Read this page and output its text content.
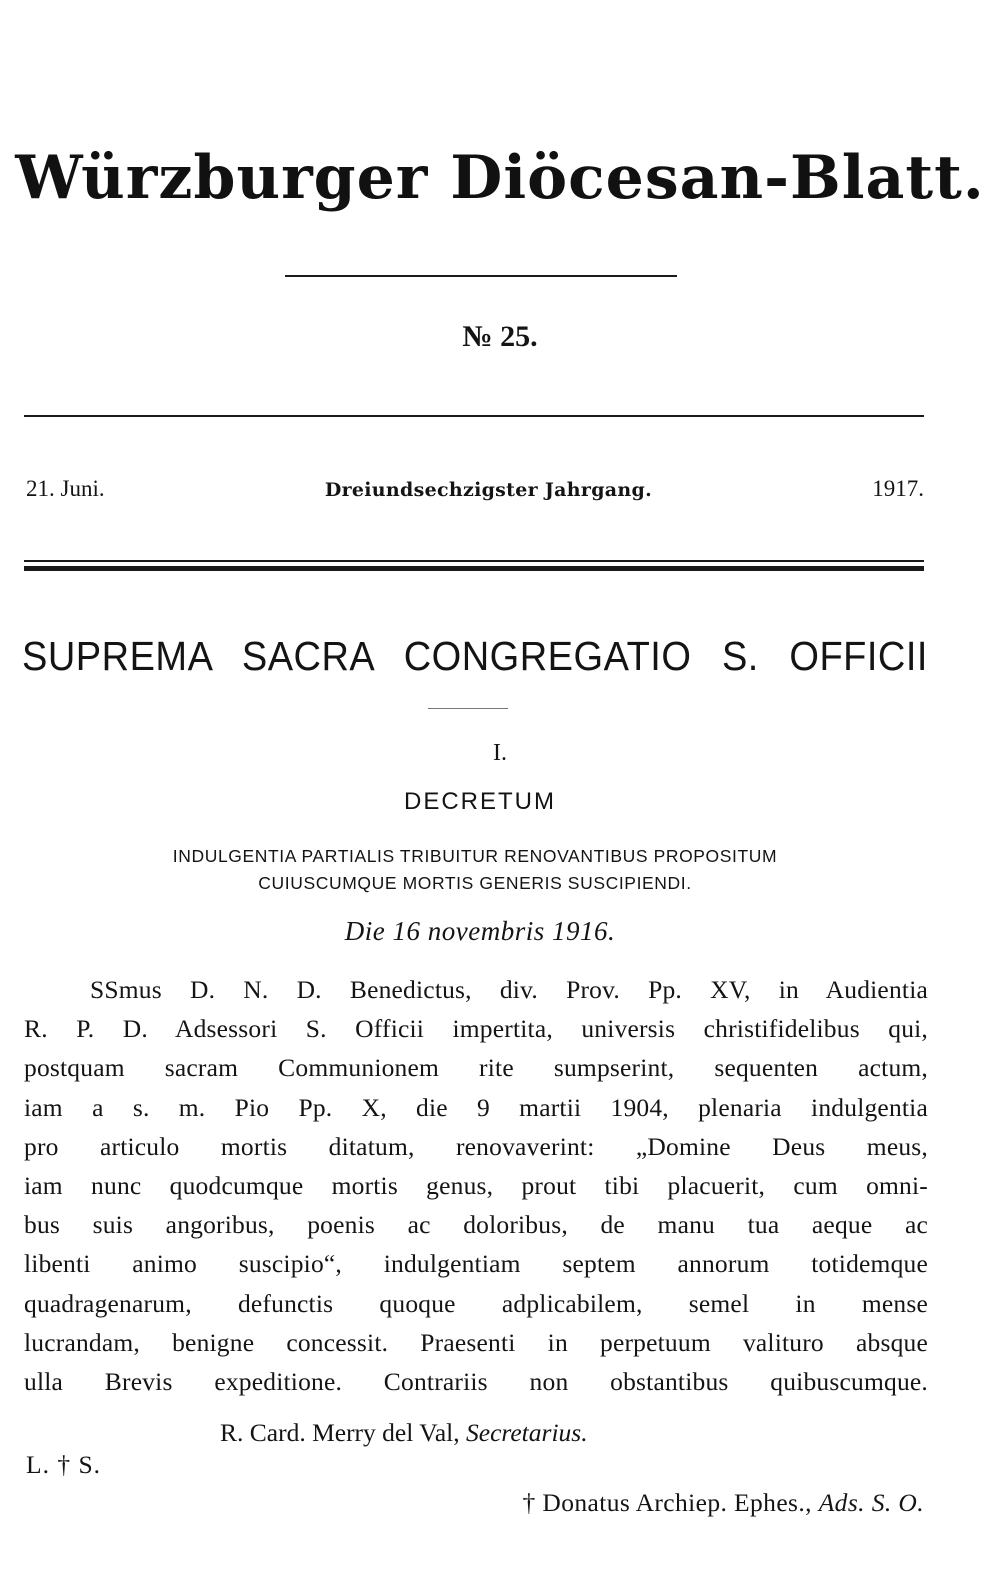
Würzburger Diöcesan-Blatt.
№ 25.
21. Juni.	Dreiundsechzigster Jahrgang.	1917.
SUPREMA SACRA CONGREGATIO S. OFFICII
I.
DECRETUM
INDULGENTIA PARTIALIS TRIBUITUR RENOVANTIBUS PROPOSITUM
CUIUSCUMQUE MORTIS GENERIS SUSCIPIENDI.
Die 16 novembris 1916.
SSmus D. N. D. Benedictus, div. Prov. Pp. XV, in Audientia
R. P. D. Adsessori S. Officii impertita, universis christifidelibus qui,
postquam sacram Communionem rite sumpserint, sequenten actum,
iam a s. m. Pio Pp. X, die 9 martii 1904, plenaria indulgentia
pro articulo mortis ditatum, renovaverint: „Domine Deus meus,
iam nunc quodcumque mortis genus, prout tibi placuerit, cum omni-
bus suis angoribus, poenis ac doloribus, de manu tua aeque ac
libenti animo suscipio“, indulgentiam septem annorum totidemque
quadragenarum, defunctis quoque adplicabilem, semel in mense
lucrandam, benigne concessit. Praesenti in perpetuum valituro absque
ulla Brevis expeditione. Contrariis non obstantibus quibuscumque.
R. Card. Merry del Val, Secretarius.
L. † S.
† Donatus Archiep. Ephes., Ads. S. O.
